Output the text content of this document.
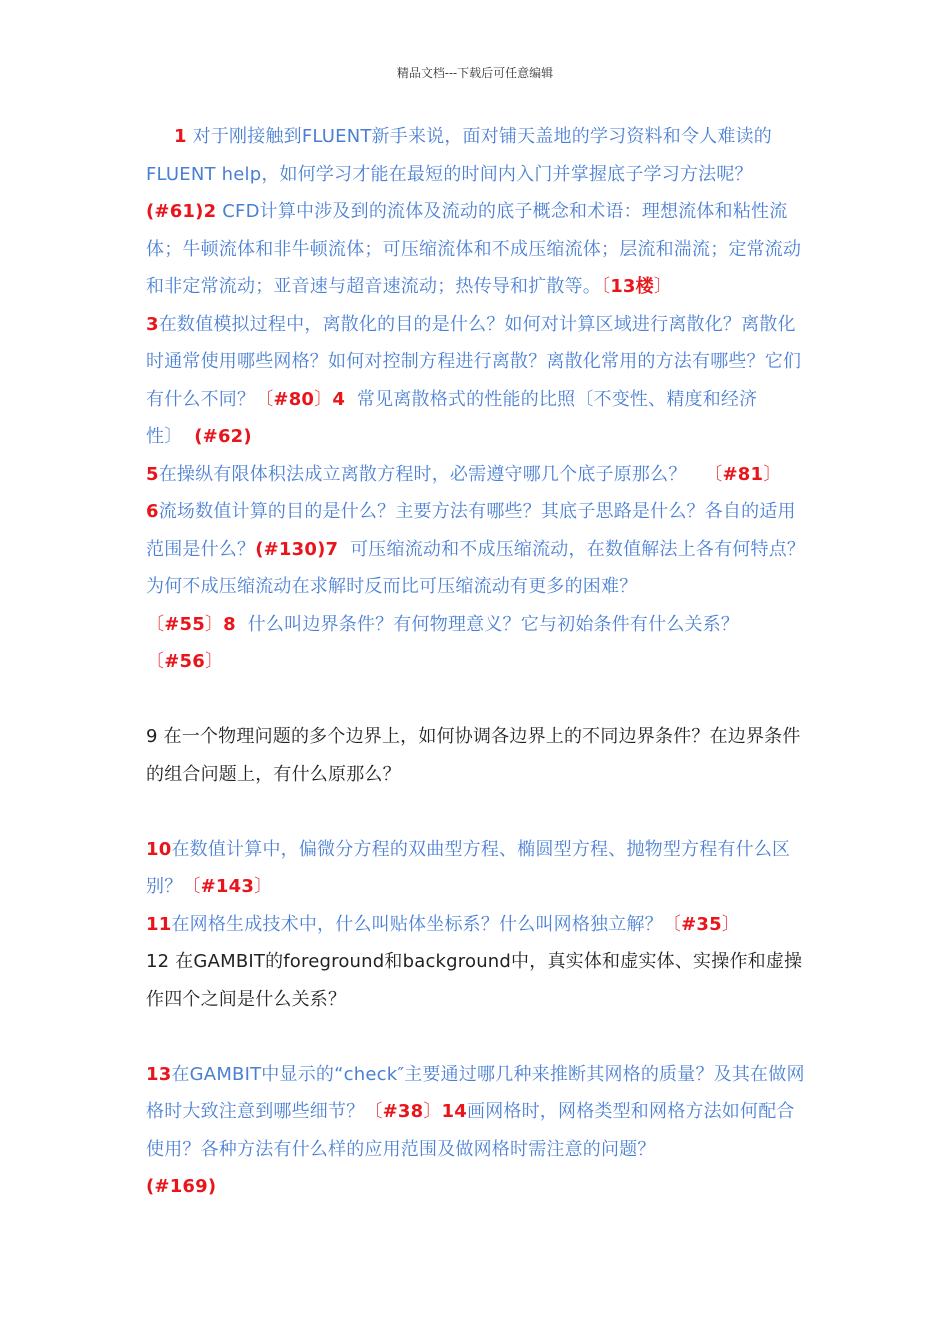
精品文档---下载后可任意编辑

1 对于刚接触到FLUENT新手来说，面对铺天盖地的学习资料和令人难读的FLUENT help，如何学习才能在最短的时间内入门并掌握底子学习方法呢？

(#61)2 CFD计算中涉及到的流体及流动的底子概念和术语：理想流体和粘性流体；牛顿流体和非牛顿流体；可压缩流体和不成压缩流体；层流和湍流；定常流动和非定常流动；亚音速与超音速流动；热传导和扩散等。〔13楼〕

3在数值模拟过程中，离散化的目的是什么？如何对计算区域进行离散化？离散化时通常使用哪些网格？如何对控制方程进行离散？离散化常用的方法有哪些？它们有什么不同？〔#80〕4 常见离散格式的性能的比照〔不变性、精度和经济性〕 (#62)

5在操纵有限体积法成立离散方程时，必需遵守哪几个底子原那么？ 〔#81〕

6流场数值计算的目的是什么？主要方法有哪些？其底子思路是什么？各自的适用范围是什么？(#130)7 可压缩流动和不成压缩流动，在数值解法上各有何特点？为何不成压缩流动在求解时反而比可压缩流动有更多的困难？

〔#55〕8 什么叫边界条件？有何物理意义？它与初始条件有什么关系？
〔#56〕

9 在一个物理问题的多个边界上，如何协调各边界上的不同边界条件？在边界条件的组合问题上，有什么原那么？

10在数值计算中，偏微分方程的双曲型方程、椭圆型方程、抛物型方程有什么区别？〔#143〕

11在网格生成技术中，什么叫贴体坐标系？什么叫网格独立解？〔#35〕

12 在GAMBIT的foreground和background中，真实体和虚实体、实操作和虚操作四个之间是什么关系？

13在GAMBIT中显示的“check″主要通过哪几种来推断其网格的质量？及其在做网格时大致注意到哪些细节？〔#38〕14画网格时，网格类型和网格方法如何配合使用？各种方法有什么样的应用范围及做网格时需注意的问题？
(#169)
